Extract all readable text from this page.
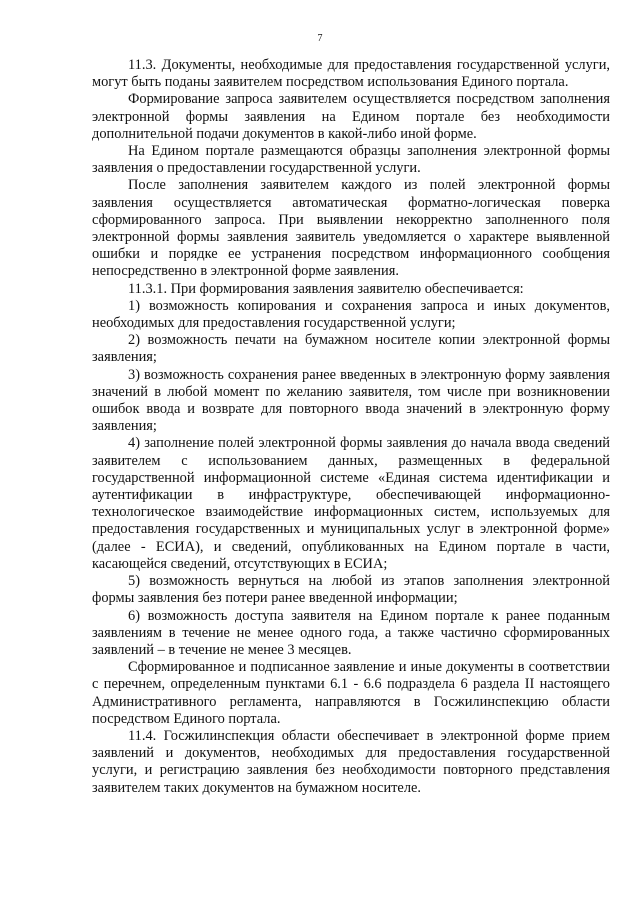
7

11.3. Документы, необходимые для предоставления государственной услуги, могут быть поданы заявителем посредством использования Единого портала.

Формирование запроса заявителем осуществляется посредством заполнения электронной формы заявления на Едином портале без необходимости дополнительной подачи документов в какой-либо иной форме.

На Едином портале размещаются образцы заполнения электронной формы заявления о предоставлении государственной услуги.

После заполнения заявителем каждого из полей электронной формы заявления осуществляется автоматическая форматно-логическая поверка сформированного запроса. При выявлении некорректно заполненного поля электронной формы заявления заявитель уведомляется о характере выявленной ошибки и порядке ее устранения посредством информационного сообщения непосредственно в электронной форме заявления.

11.3.1. При формирования заявления заявителю обеспечивается:

1) возможность копирования и сохранения запроса и иных документов, необходимых для предоставления государственной услуги;

2) возможность печати на бумажном носителе копии электронной формы заявления;

3) возможность сохранения ранее введенных в электронную форму заявления значений в любой момент по желанию заявителя, том числе при возникновении ошибок ввода и возврате для повторного ввода значений в электронную форму заявления;

4) заполнение полей электронной формы заявления до начала ввода сведений заявителем с использованием данных, размещенных в федеральной государственной информационной системе «Единая система идентификации и аутентификации в инфраструктуре, обеспечивающей информационно-технологическое взаимодействие информационных систем, используемых для предоставления государственных и муниципальных услуг в электронной форме» (далее - ЕСИА), и сведений, опубликованных на Едином портале в части, касающейся сведений, отсутствующих в ЕСИА;

5) возможность вернуться на любой из этапов заполнения электронной формы заявления без потери ранее введенной информации;

6) возможность доступа заявителя на Едином портале к ранее поданным заявлениям в течение не менее одного года, а также частично сформированных заявлений – в течение не менее 3 месяцев.

Сформированное и подписанное заявление и иные документы в соответствии с перечнем, определенным пунктами 6.1 - 6.6 подраздела 6 раздела II настоящего Административного регламента, направляются в Госжилинспекцию области посредством Единого портала.

11.4. Госжилинспекция области обеспечивает в электронной форме прием заявлений и документов, необходимых для предоставления государственной услуги, и регистрацию заявления без необходимости повторного представления заявителем таких документов на бумажном носителе.
